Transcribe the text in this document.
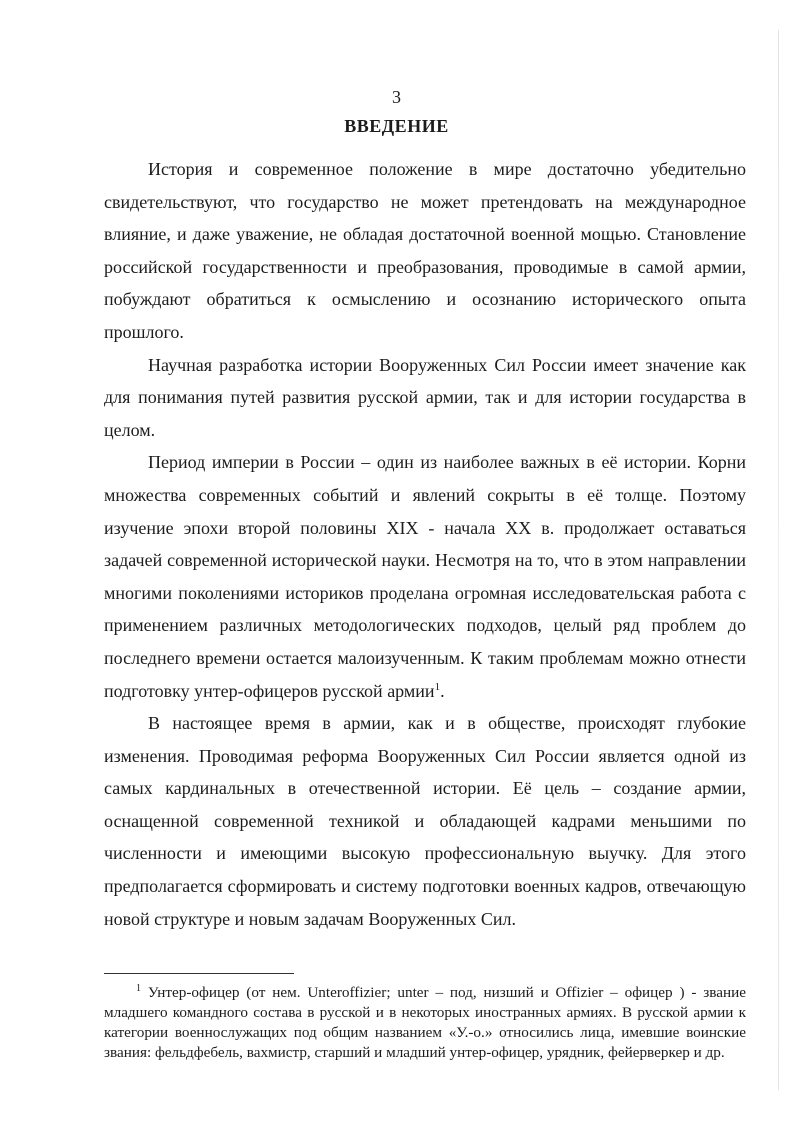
3
ВВЕДЕНИЕ

История и современное положение в мире достаточно убедительно свидетельствуют, что государство не может претендовать на международное влияние, и даже уважение, не обладая достаточной военной мощью. Становление российской государственности и преобразования, проводимые в самой армии, побуждают обратиться к осмыслению и осознанию исторического опыта прошлого.

Научная разработка истории Вооруженных Сил России имеет значение как для понимания путей развития русской армии, так и для истории государства в целом.

Период империи в России – один из наиболее важных в её истории. Корни множества современных событий и явлений сокрыты в её толще. Поэтому изучение эпохи второй половины XIX - начала XX в. продолжает оставаться задачей современной исторической науки. Несмотря на то, что в этом направлении многими поколениями историков проделана огромная исследовательская работа с применением различных методологических подходов, целый ряд проблем до последнего времени остается малоизученным. К таким проблемам можно отнести подготовку унтер-офицеров русской армии$^1$.

В настоящее время в армии, как и в обществе, происходят глубокие изменения. Проводимая реформа Вооруженных Сил России является одной из самых кардинальных в отечественной истории. Её цель – создание армии, оснащенной современной техникой и обладающей кадрами меньшими по численности и имеющими высокую профессиональную выучку. Для этого предполагается сформировать и систему подготовки военных кадров, отвечающую новой структуре и новым задачам Вооруженных Сил.

$^1$ Унтер-офицер (от нем. Unteroffizier; unter – под, низший и Offizier – офицер ) - звание младшего командного состава в русской и в некоторых иностранных армиях. В русской армии к категории военнослужащих под общим названием «У.-о.» относились лица, имевшие воинские звания: фельдфебель, вахмистр, старший и младший унтер-офицер, урядник, фейерверкер и др.
